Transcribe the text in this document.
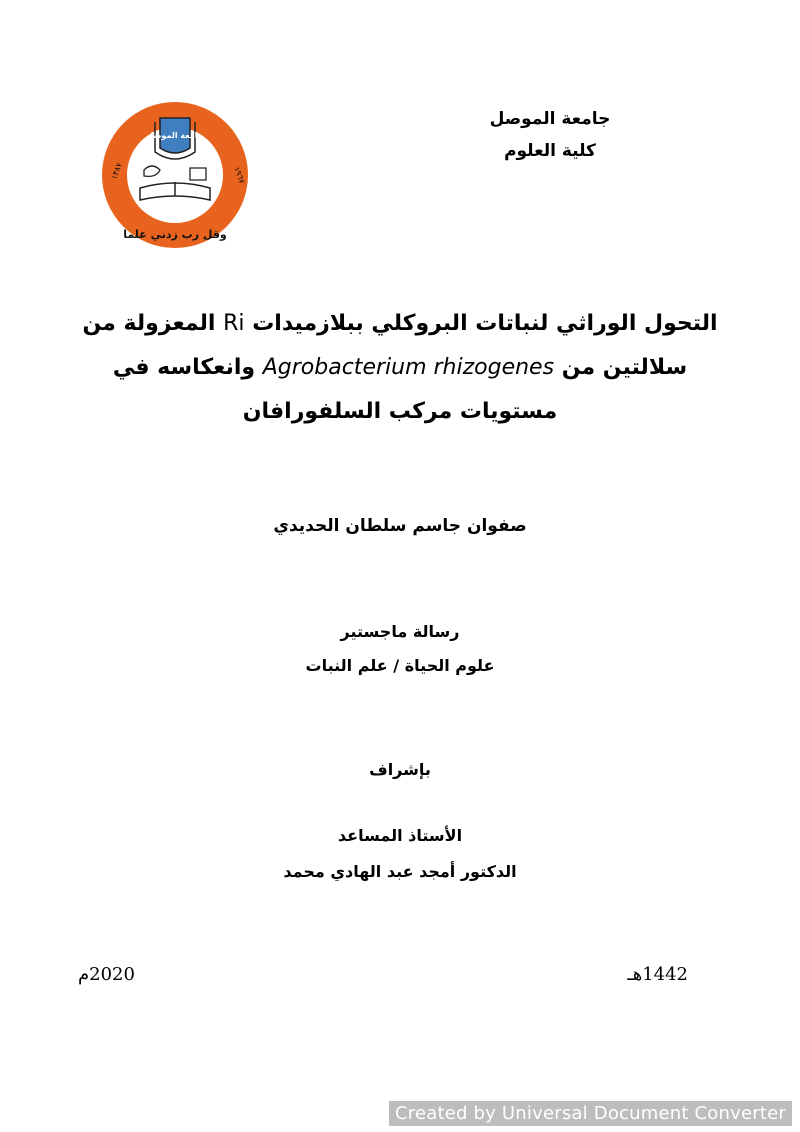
جامعة الموصل
كلية العلوم
جامعة الموصل
وقل رب زدني علما
١٣٨٧	١٩٦٧
التحول الوراثي لنباتات البروكلي ببلازميدات Ri المعزولة من
سلالتين من Agrobacterium rhizogenes وانعكاسه في
مستويات مركب السلفورافان
صفوان جاسم سلطان الحديدي
رسالة ماجستير
علوم الحياة / علم النبات
بإشراف
الأستاذ المساعد
الدكتور أمجد عبد الهادي محمد
1442هـ
2020م
Created by Universal Document Converter
